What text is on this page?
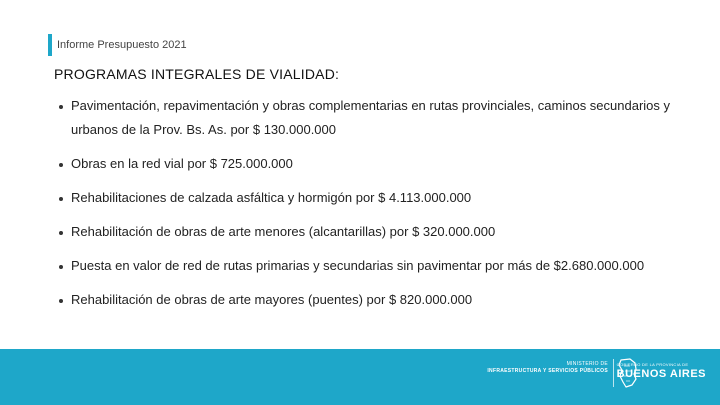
Informe Presupuesto 2021
PROGRAMAS INTEGRALES DE VIALIDAD:
Pavimentación, repavimentación y obras complementarias en rutas provinciales, caminos secundarios y urbanos de la Prov. Bs. As. por $ 130.000.000
Obras en la red vial por $ 725.000.000
Rehabilitaciones de calzada asfáltica y hormigón por $ 4.113.000.000
Rehabilitación de obras de arte menores (alcantarillas) por $ 320.000.000
Puesta en valor de red de rutas primarias y secundarias sin pavimentar por más de $2.680.000.000
Rehabilitación de obras de arte mayores (puentes) por $ 820.000.000
MINISTERIO DE
INFRAESTRUCTURA Y SERVICIOS PÚBLICOS
GOBIERNO DE LA PROVINCIA DE
BUENOS AIRES
